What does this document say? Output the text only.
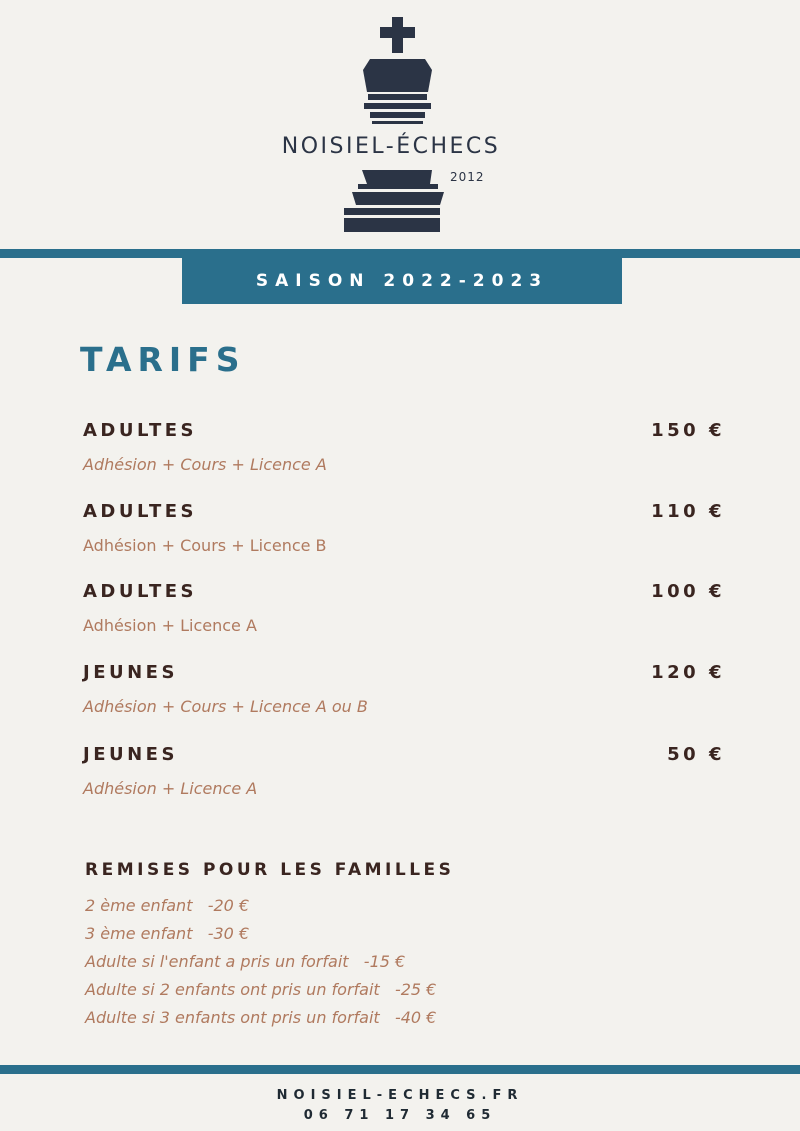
NOISIEL-ÉCHECS
2012
SAISON 2022-2023
TARIFS
ADULTES	150 €
Adhésion + Cours + Licence A
ADULTES	110 €
Adhésion + Cours + Licence B
ADULTES	100 €
Adhésion + Licence A
JEUNES	120 €
Adhésion + Cours + Licence A ou B
JEUNES	50 €
Adhésion + Licence A
REMISES POUR LES FAMILLES
2 ème enfant   -20 €
3 ème enfant   -30 €
Adulte si l'enfant a pris un forfait   -15 €
Adulte si 2 enfants ont pris un forfait   -25 €
Adulte si 3 enfants ont pris un forfait   -40 €
NOISIEL-ECHECS.FR
06 71 17 34 65
